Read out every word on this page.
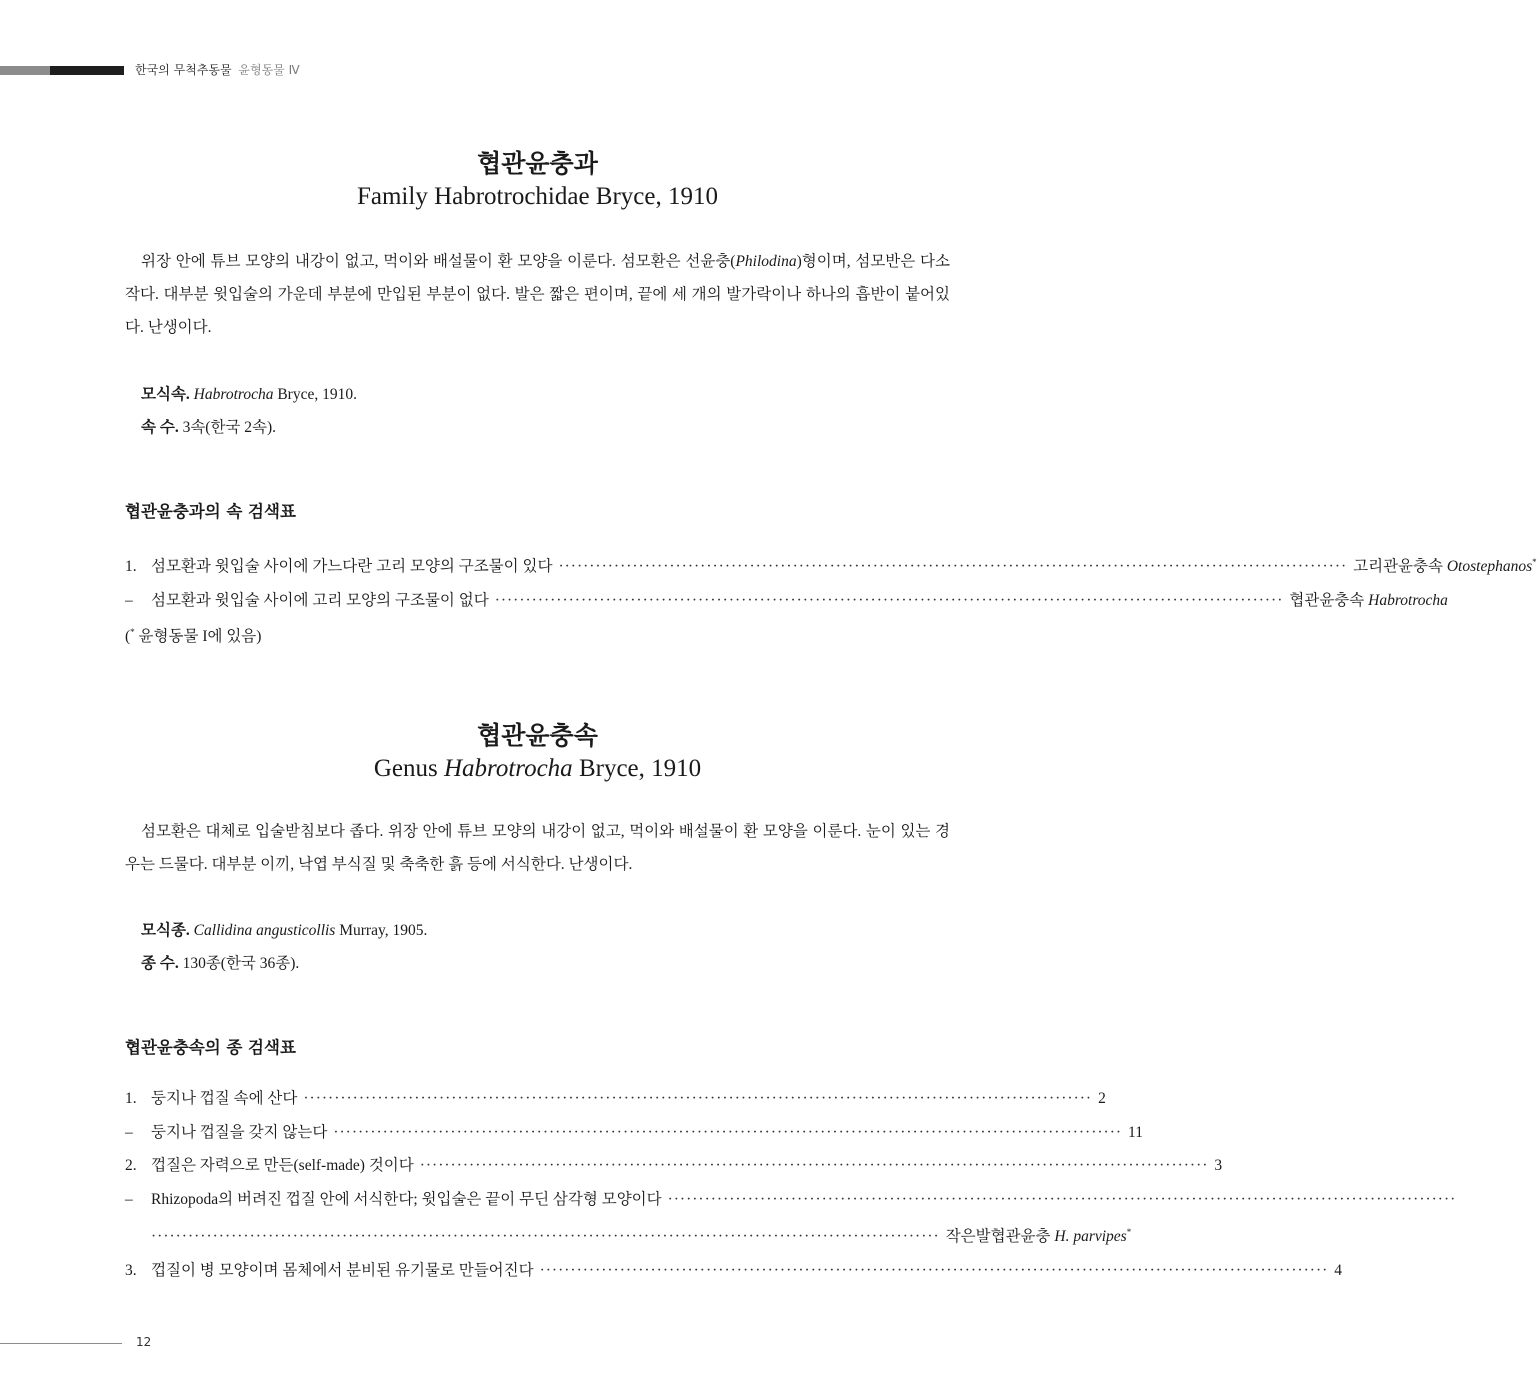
한국의 무척추동물 윤형동물 Ⅳ
협관윤충과
Family Habrotrochidae Bryce, 1910

위장 안에 튜브 모양의 내강이 없고, 먹이와 배설물이 환 모양을 이룬다. 섬모환은 선윤충(Philodina)형이며, 섬모반은 다소 작다. 대부분 윗입술의 가운데 부분에 만입된 부분이 없다. 발은 짧은 편이며, 끝에 세 개의 발가락이나 하나의 흡반이 붙어있다. 난생이다.

모식속. Habrotrocha Bryce, 1910.

속 수. 3속(한국 2속).

협관윤충과의 속 검색표

1. 섬모환과 윗입술 사이에 가느다란 고리 모양의 구조물이 있다 ································································································································ 고리관윤충속 Otostephanos*
–	섬모환과 윗입술 사이에 고리 모양의 구조물이 없다 ································································································································ 협관윤충속 Habrotrocha

(* 윤형동물 I에 있음)

협관윤충속
Genus Habrotrocha Bryce, 1910

섬모환은 대체로 입술받침보다 좁다. 위장 안에 튜브 모양의 내강이 없고, 먹이와 배설물이 환 모양을 이룬다. 눈이 있는 경우는 드물다. 대부분 이끼, 낙엽 부식질 및 축축한 흙 등에 서식한다. 난생이다.

모식종. Callidina angusticollis Murray, 1905.

종 수. 130종(한국 36종).

협관윤충속의 종 검색표

1. 둥지나 껍질 속에 산다 ································································································································ 2
–	둥지나 껍질을 갖지 않는다 ································································································································ 11
2. 껍질은 자력으로 만든(self-made) 것이다 ································································································································ 3
–	Rhizopoda의 버려진 껍질 안에 서식한다; 윗입술은 끝이 무딘 삼각형 모양이다 ································································································································
································································································································ 작은발협관윤충 H. parvipes*
3. 껍질이 병 모양이며 몸체에서 분비된 유기물로 만들어진다 ································································································································ 4
12
